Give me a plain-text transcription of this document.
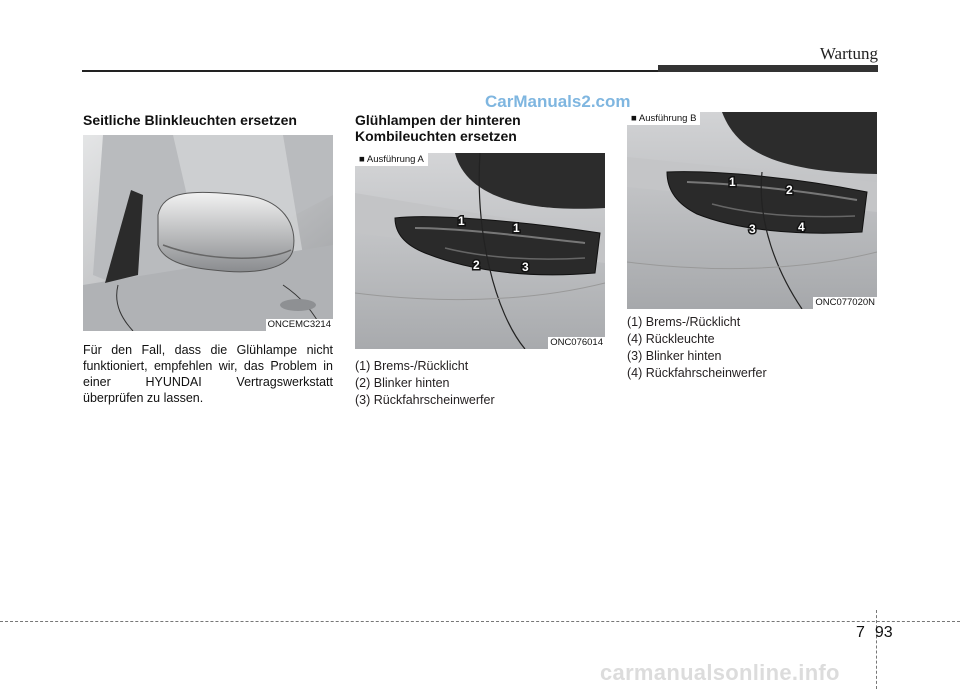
Wartung
CarManuals2.com
Seitliche Blinkleuchten ersetzen
ONCEMC3214
Für den Fall, dass die Glühlampe nicht funktioniert, empfehlen wir, das Problem in einer HYUNDAI Vertragswerkstatt überprüfen zu lassen.
Glühlampen der hinteren
Kombileuchten ersetzen
1	1
2	3
■ Ausführung A
ONC076014

(1) Brems-/Rücklicht

(2) Blinker hinten

(3) Rückfahrscheinwerfer

1
2
3	4
■ Ausführung B
ONC077020N

(1) Brems-/Rücklicht

(4) Rückleuchte

(3) Blinker hinten

(4) Rückfahrscheinwerfer

7 93
carmanualsonline.info
